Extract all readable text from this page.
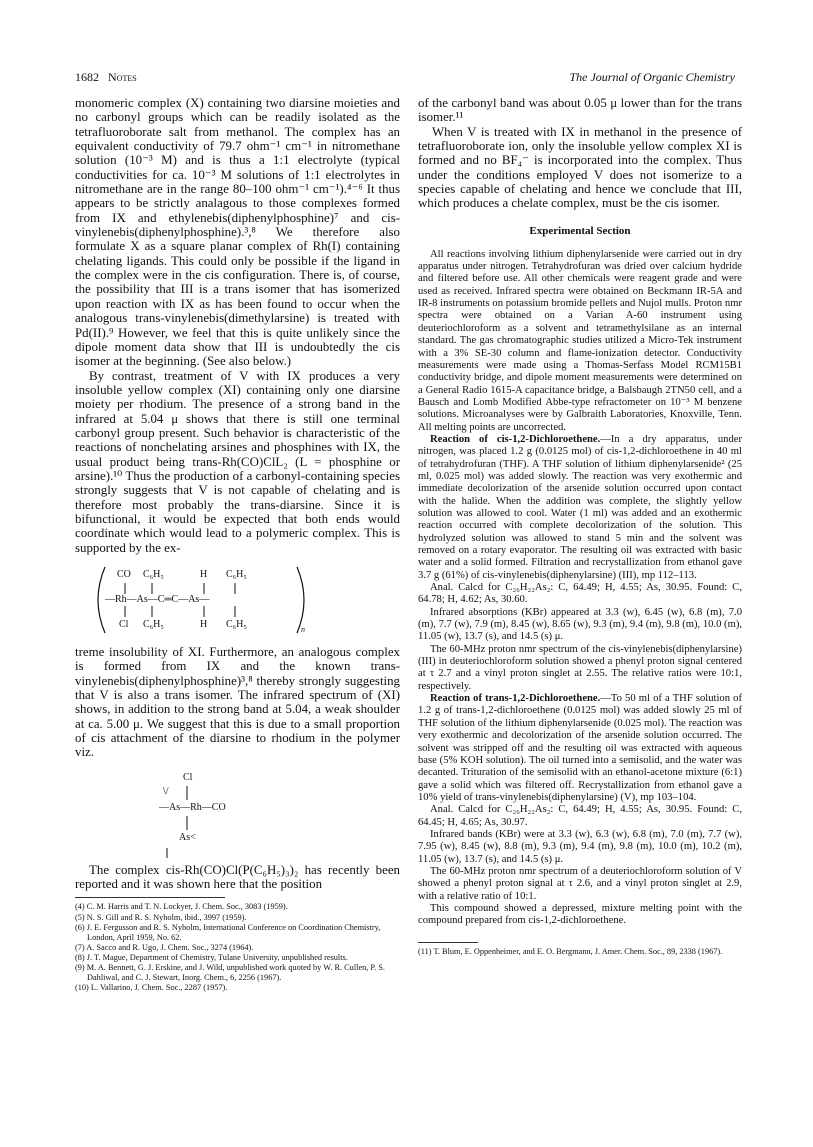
1682 Notes	The Journal of Organic Chemistry

monomeric complex (X) containing two diarsine moieties and no carbonyl groups which can be readily isolated as the tetrafluoroborate salt from methanol. The complex has an equivalent conductivity of 79.7 ohm⁻¹ cm⁻¹ in nitromethane solution (10⁻³ M) and is thus a 1:1 electrolyte (typical conductivities for ca. 10⁻³ M solutions of 1:1 electrolytes in nitromethane are in the range 80–100 ohm⁻¹ cm⁻¹).⁴⁻⁶ It thus appears to be strictly analagous to those complexes formed from IX and ethylenebis(diphenylphosphine)⁷ and cis-vinylenebis(diphenylphosphine).³,⁸ We therefore also formulate X as a square planar complex of Rh(I) containing chelating ligands. This could only be possible if the ligand in the complex were in the cis configuration. There is, of course, the possibility that III is a trans isomer that has isomerized upon reaction with IX as has been found to occur when the analogous trans-vinylenebis(dimethylarsine) is treated with Pd(II).⁹ However, we feel that this is quite unlikely since the dipole moment data show that III is undoubtedly the cis isomer at the beginning. (See also below.)

By contrast, treatment of V with IX produces a very insoluble yellow complex (XI) containing only one diarsine moiety per rhodium. The presence of a strong band in the infrared at 5.04 μ shows that there is still one terminal carbonyl group present. Such behavior is characteristic of the reactions of nonchelating arsines and phosphines with IX, the usual product being trans-Rh(CO)ClL₂ (L = phosphine or arsine).¹⁰ Thus the production of a carbonyl-containing species strongly suggests that V is not capable of chelating and is therefore most probably the trans-diarsine. Since it is bifunctional, it would be expected that both ends would coordinate which would lead to a polymeric complex. This is supported by the ex-

CO C₆H₅	H C₆H₅
—Rh—As—C═C—As—
Cl C₆H₅	H C₆H₅	n

treme insolubility of XI. Furthermore, an analogous complex is formed from IX and the known trans-vinylenebis(diphenylphosphine)³,⁸ thereby strongly suggesting that V is also a trans isomer. The infrared spectrum of (XI) shows, in addition to the strong band at 5.04, a weak shoulder at ca. 5.00 μ. We suggest that this is due to a small proportion of cis attachment of the diarsine to rhodium in the polymer viz.

Cl
\/
—As—Rh—CO
As<

The complex cis-Rh(CO)Cl(P(C₆H₅)₃)₂ has recently been reported and it was shown here that the position

(4) C. M. Harris and T. N. Lockyer, J. Chem. Soc., 3083 (1959).

(5) N. S. Gill and R. S. Nyholm, ibid., 3997 (1959).

(6) J. E. Fergusson and R. S. Nyholm, International Conference on Coordination Chemistry, London, April 1959, No. 62.

(7) A. Sacco and R. Ugo, J. Chem. Soc., 3274 (1964).

(8) J. T. Mague, Department of Chemistry, Tulane University, unpublished results.

(9) M. A. Bennett, G. J. Erskine, and J. Wild, unpublished work quoted by W. R. Cullen, P. S. Dahliwal, and C. J. Stewart, Inorg. Chem., 6, 2256 (1967).

(10) L. Vallarino, J. Chem. Soc., 2287 (1957).

of the carbonyl band was about 0.05 μ lower than for the trans isomer.¹¹

When V is treated with IX in methanol in the presence of tetrafluoroborate ion, only the insoluble yellow complex XI is formed and no BF₄⁻ is incorporated into the complex. Thus under the conditions employed V does not isomerize to a species capable of chelating and hence we conclude that III, which produces a chelate complex, must be the cis isomer.

Experimental Section

All reactions involving lithium diphenylarsenide were carried out in dry apparatus under nitrogen. Tetrahydrofuran was dried over calcium hydride and filtered before use. All other chemicals were reagent grade and were used as received. Infrared spectra were obtained on Beckmann IR-5A and IR-8 instruments on potassium bromide pellets and Nujol mulls. Proton nmr spectra were obtained on a Varian A-60 instrument using deuteriochloroform as a solvent and tetramethylsilane as an internal standard. The gas chromatographic studies utilized a Micro-Tek instrument with a 3% SE-30 column and flame-ionization detector. Conductivity measurements were made using a Thomas-Serfass Model RCM15B1 conductivity bridge, and dipole moment measurements were determined on a General Radio 1615-A capacitance bridge, a Balsbaugh 2TN50 cell, and a Bausch and Lomb Modified Abbe-type refractometer on 10⁻³ M benzene solutions. Microanalyses were by Galbraith Laboratories, Knoxville, Tenn. All melting points are uncorrected.

Reaction of cis-1,2-Dichloroethene.—In a dry apparatus, under nitrogen, was placed 1.2 g (0.0125 mol) of cis-1,2-dichloroethene in 40 ml of tetrahydrofuran (THF). A THF solution of lithium diphenylarsenide² (25 ml, 0.025 mol) was added slowly. The reaction was very exothermic and immediate decolorization of the arsenide solution occurred upon contact with the halide. When the addition was complete, the slightly yellow solution was allowed to cool. Water (1 ml) was added and an exothermic reaction occurred with complete decolorization of the solution. This hydrolyzed solution was allowed to stand 5 min and the solvent was removed on a rotary evaporator. The resulting oil was extracted with basic water and a solid formed. Filtration and recrystallization from ethanol gave 3.7 g (61%) of cis-vinylenebis(diphenylarsine) (III), mp 112–113.

Anal. Calcd for C₂₆H₂₂As₂: C, 64.49; H, 4.55; As, 30.95. Found: C, 64.78; H, 4.62; As, 30.60.

Infrared absorptions (KBr) appeared at 3.3 (w), 6.45 (w), 6.8 (m), 7.0 (m), 7.7 (w), 7.9 (m), 8.45 (w), 8.65 (w), 9.3 (m), 9.4 (m), 9.8 (m), 10.0 (m), 11.05 (w), 13.7 (s), and 14.5 (s) μ.

The 60-MHz proton nmr spectrum of the cis-vinylenebis(diphenylarsine) (III) in deuteriochloroform solution showed a phenyl proton signal centered at τ 2.7 and a vinyl proton singlet at 2.55. The relative ratios were 10:1, respectively.

Reaction of trans-1,2-Dichloroethene.—To 50 ml of a THF solution of 1.2 g of trans-1,2-dichloroethene (0.0125 mol) was added slowly 25 ml of THF solution of the lithium diphenylarsenide (0.025 mol). The reaction was very exothermic and decolorization of the arsenide solution occurred. The solvent was stripped off and the resulting oil was extracted with aqueous base (5% KOH solution). The oil turned into a semisolid, and the water was decanted. Trituration of the semisolid with an ethanol-acetone mixture (6:1) gave a solid which was filtered off. Recrystallization from ethanol gave a 10% yield of trans-vinylenebis(diphenylarsine) (V), mp 103–104.

Anal. Calcd for C₂₆H₂₂As₂: C, 64.49; H, 4.55; As, 30.95. Found: C, 64.45; H, 4.65; As, 30.97.

Infrared bands (KBr) were at 3.3 (w), 6.3 (w), 6.8 (m), 7.0 (m), 7.7 (w), 7.95 (w), 8.45 (w), 8.8 (m), 9.3 (m), 9.4 (m), 9.8 (m), 10.0 (m), 10.2 (m), 11.05 (w), 13.7 (s), and 14.5 (s) μ.

The 60-MHz proton nmr spectrum of a deuteriochloroform solution of V showed a phenyl proton signal at τ 2.6, and a vinyl proton singlet at 2.9, with a relative ratio of 10:1.

This compound showed a depressed, mixture melting point with the compound prepared from cis-1,2-dichloroethene.

(11) T. Blum, E. Oppenheimer, and E. O. Bergmann, J. Amer. Chem. Soc., 89, 2338 (1967).
